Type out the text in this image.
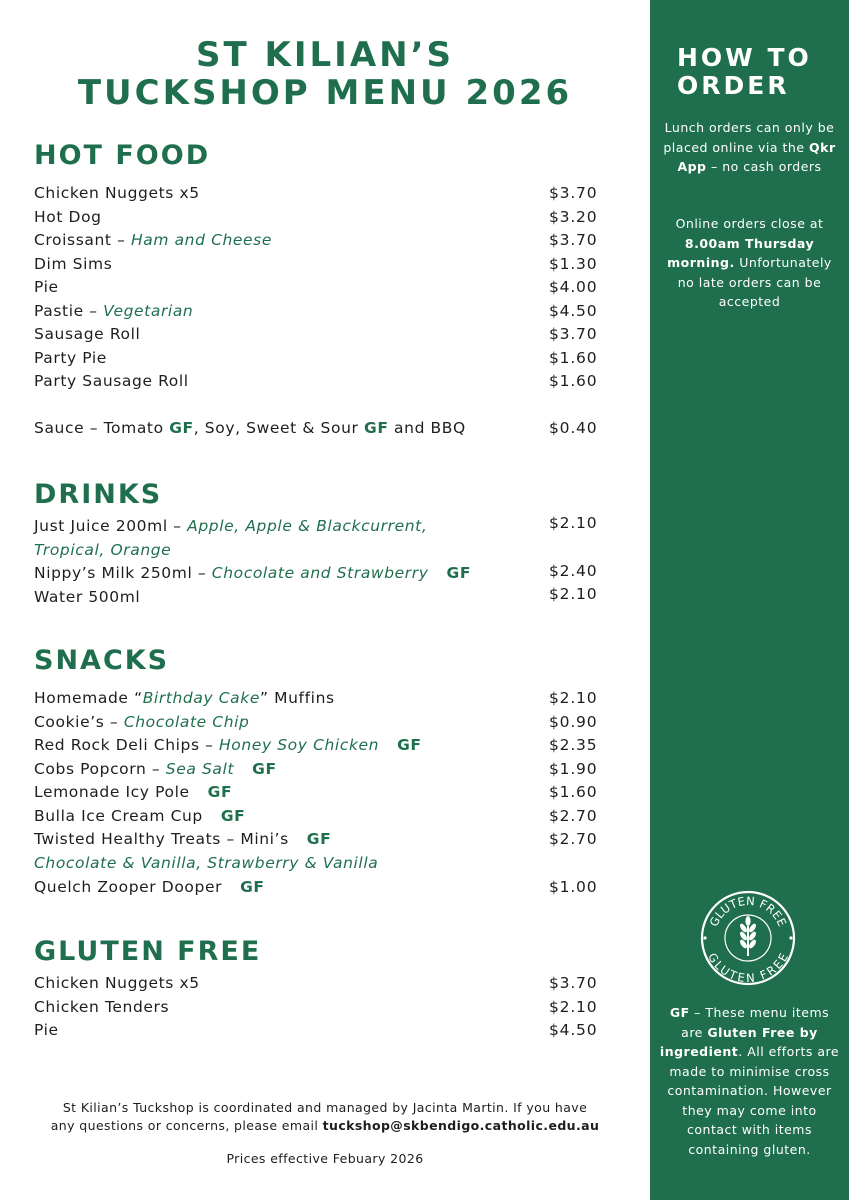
ST KILIAN’S
TUCKSHOP MENU 2026
HOT FOOD
Chicken Nuggets x5	$3.70
Hot Dog	$3.20
Croissant – Ham and Cheese	$3.70
Dim Sims	$1.30
Pie	$4.00
Pastie – Vegetarian	$4.50
Sausage Roll	$3.70
Party Pie	$1.60
Party Sausage Roll	$1.60
Sauce – Tomato GF, Soy, Sweet & Sour GF and BBQ	$0.40
DRINKS
Just Juice 200ml – Apple, Apple & Blackcurrent,	$2.10
Tropical, Orange
Nippy’s Milk 250ml – Chocolate and Strawberry GF	$2.40
Water 500ml	$2.10
SNACKS
Homemade “Birthday Cake” Muffins	$2.10
Cookie’s – Chocolate Chip	$0.90
Red Rock Deli Chips – Honey Soy Chicken GF	$2.35
Cobs Popcorn – Sea Salt GF	$1.90
Lemonade Icy Pole GF	$1.60
Bulla Ice Cream Cup GF	$2.70
Twisted Healthy Treats – Mini’s GF	$2.70
Chocolate & Vanilla, Strawberry & Vanilla
Quelch Zooper Dooper GF	$1.00
GLUTEN FREE
Chicken Nuggets x5	$3.70
Chicken Tenders	$2.10
Pie	$4.50
St Kilian’s Tuckshop is coordinated and managed by Jacinta Martin. If you have
any questions or concerns, please email tuckshop@skbendigo.catholic.edu.au
Prices effective Febuary 2026
HOW TO
ORDER
Lunch orders can only be placed online via the Qkr App – no cash orders
Online orders close at 8.00am Thursday morning. Unfortunately no late orders can be accepted
GF – These menu items are Gluten Free by ingredient. All efforts are made to minimise cross contamination. However they may come into contact with items containing gluten.
GLUTEN FREE
GLUTEN FREE
